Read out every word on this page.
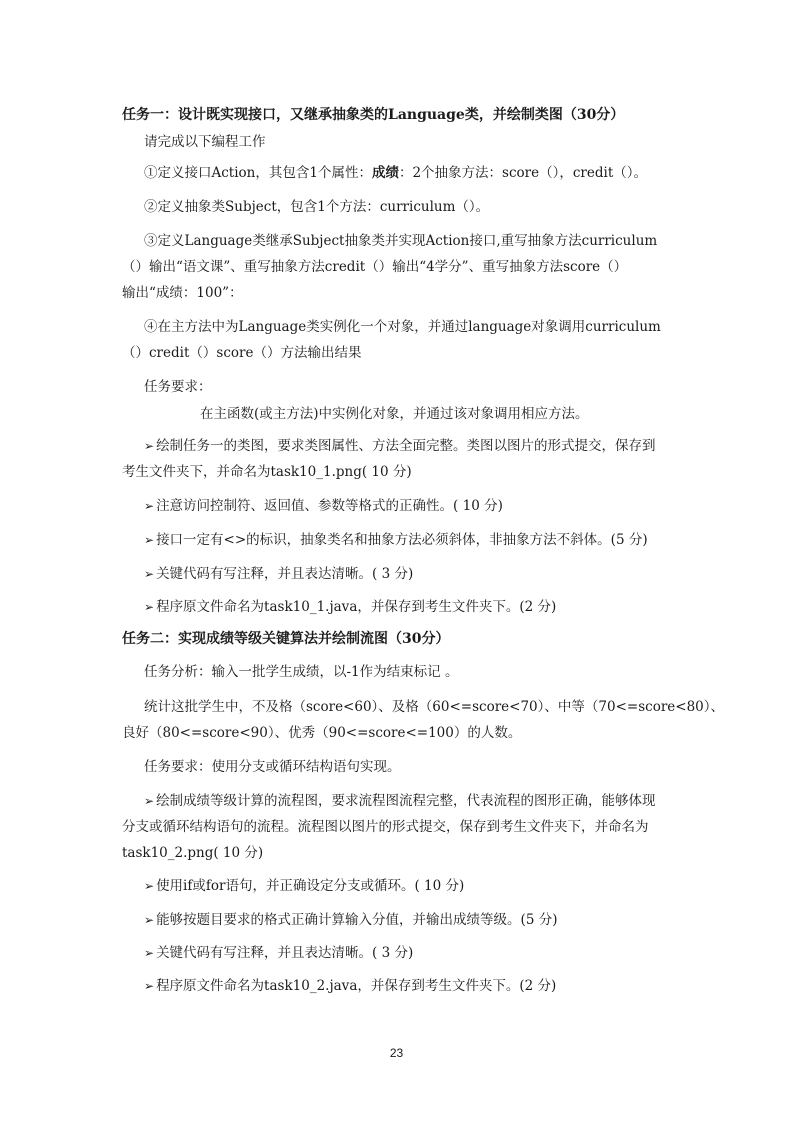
任务一：设计既实现接口，又继承抽象类的Language类，并绘制类图（30分）
请完成以下编程工作
①定义接口Action，其包含1个属性：成绩：2个抽象方法：score（），credit（）。
②定义抽象类Subject，包含1个方法：curriculum（）。
③定义Language类继承Subject抽象类并实现Action接口,重写抽象方法curriculum
（）输出“语文课”、重写抽象方法credit（）输出“4学分”、重写抽象方法score（）
输出“成绩：100”：
④在主方法中为Language类实例化一个对象，并通过language对象调用curriculum
（）credit（）score（）方法输出结果
任务要求：
在主函数(或主方法)中实例化对象，并通过该对象调用相应方法。
➢ 绘制任务一的类图，要求类图属性、方法全面完整。类图以图片的形式提交，保存到
考生文件夹下，并命名为task10_1.png( 10 分)
➢ 注意访问控制符、返回值、参数等格式的正确性。( 10 分)
➢ 接口一定有<>的标识，抽象类名和抽象方法必须斜体，非抽象方法不斜体。(5 分)
➢ 关键代码有写注释，并且表达清晰。( 3 分)
➢ 程序原文件命名为task10_1.java，并保存到考生文件夹下。(2 分)
任务二：实现成绩等级关键算法并绘制流图（30分）
任务分析：输入一批学生成绩，以-1作为结束标记 。
统计这批学生中，不及格（score<60）、及格（60<=score<70）、中等（70<=score<80）、
良好（80<=score<90）、优秀（90<=score<=100）的人数。
任务要求：使用分支或循环结构语句实现。
➢ 绘制成绩等级计算的流程图，要求流程图流程完整，代表流程的图形正确，能够体现
分支或循环结构语句的流程。流程图以图片的形式提交，保存到考生文件夹下，并命名为
task10_2.png( 10 分)
➢ 使用if或for语句，并正确设定分支或循环。( 10 分)
➢ 能够按题目要求的格式正确计算输入分值，并输出成绩等级。(5 分)
➢ 关键代码有写注释，并且表达清晰。( 3 分)
➢ 程序原文件命名为task10_2.java，并保存到考生文件夹下。(2 分)
23
